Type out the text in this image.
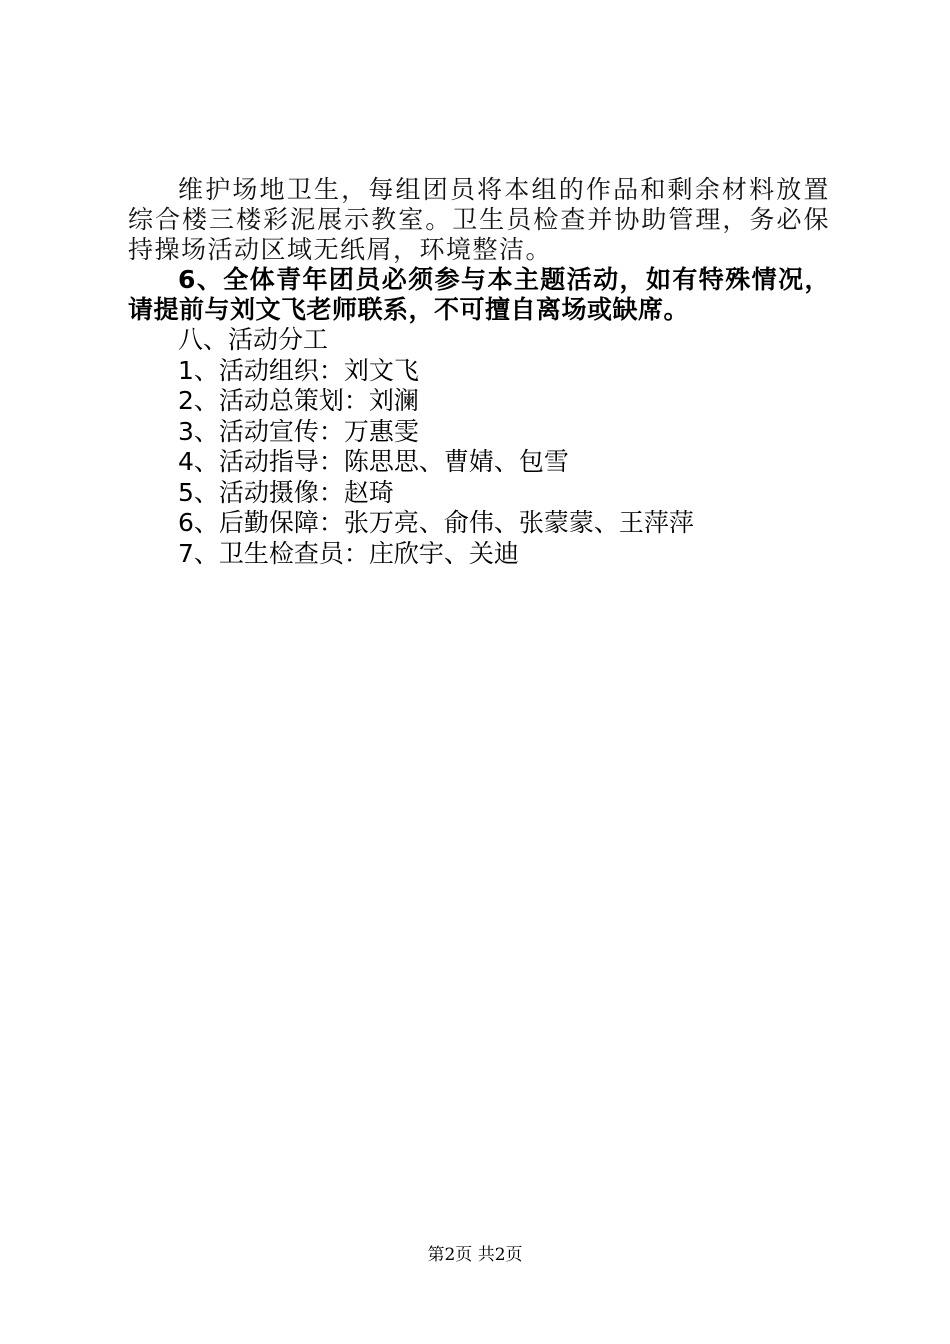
维护场地卫生，每组团员将本组的作品和剩余材料放置综合楼三楼彩泥展示教室。卫生员检查并协助管理，务必保持操场活动区域无纸屑，环境整洁。

6、全体青年团员必须参与本主题活动，如有特殊情况，请提前与刘文飞老师联系，不可擅自离场或缺席。

八、活动分工

1、活动组织：刘文飞

2、活动总策划：刘澜

3、活动宣传：万惠雯

4、活动指导：陈思思、曹婧、包雪

5、活动摄像：赵琦

6、后勤保障：张万亮、俞伟、张蒙蒙、王萍萍

7、卫生检查员：庄欣宇、关迪

第2页 共2页
